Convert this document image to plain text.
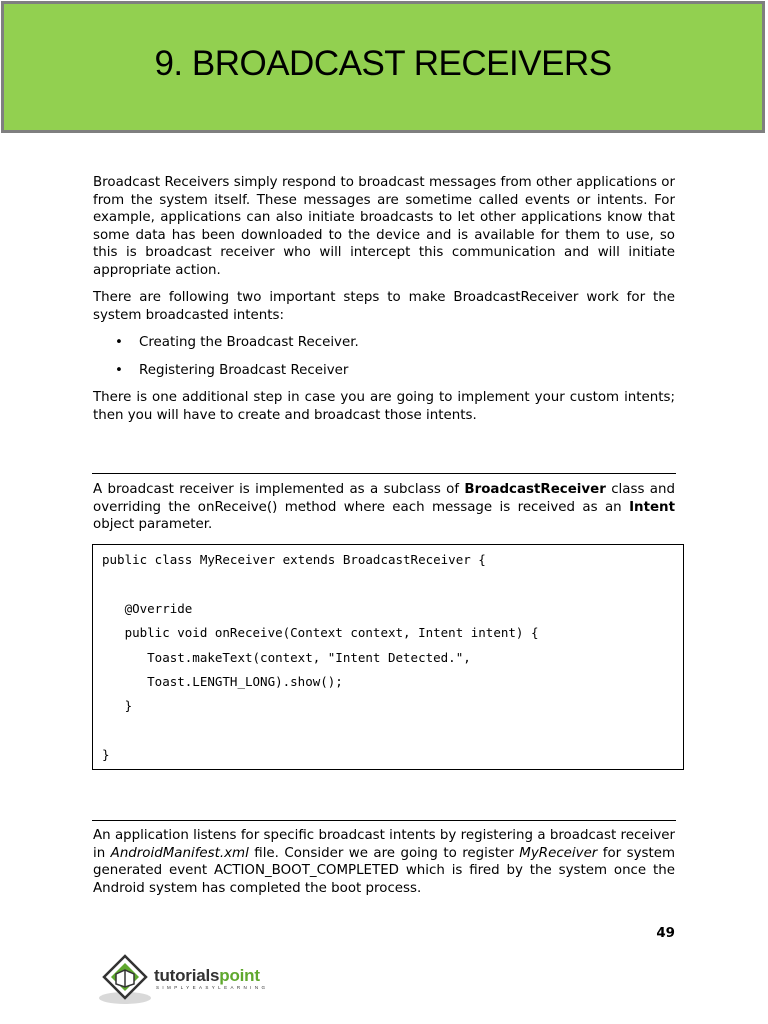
9. BROADCAST RECEIVERS

Broadcast Receivers simply respond to broadcast messages from other applications or from the system itself. These messages are sometime called events or intents. For example, applications can also initiate broadcasts to let other applications know that some data has been downloaded to the device and is available for them to use, so this is broadcast receiver who will intercept this communication and will initiate appropriate action.

There are following two important steps to make BroadcastReceiver work for the system broadcasted intents:

• Creating the Broadcast Receiver.
• Registering Broadcast Receiver

There is one additional step in case you are going to implement your custom intents; then you will have to create and broadcast those intents.

A broadcast receiver is implemented as a subclass of BroadcastReceiver class and overriding the onReceive() method where each message is received as an Intent object parameter.

public class MyReceiver extends BroadcastReceiver {
@Override
public void onReceive(Context context, Intent intent) {
Toast.makeText(context, "Intent Detected.",
Toast.LENGTH_LONG).show();
}
}

An application listens for specific broadcast intents by registering a broadcast receiver in AndroidManifest.xml file. Consider we are going to register MyReceiver for system generated event ACTION_BOOT_COMPLETED which is fired by the system once the Android system has completed the boot process.

49
tutorialspoint
SIMPLYEASYLEARNING
